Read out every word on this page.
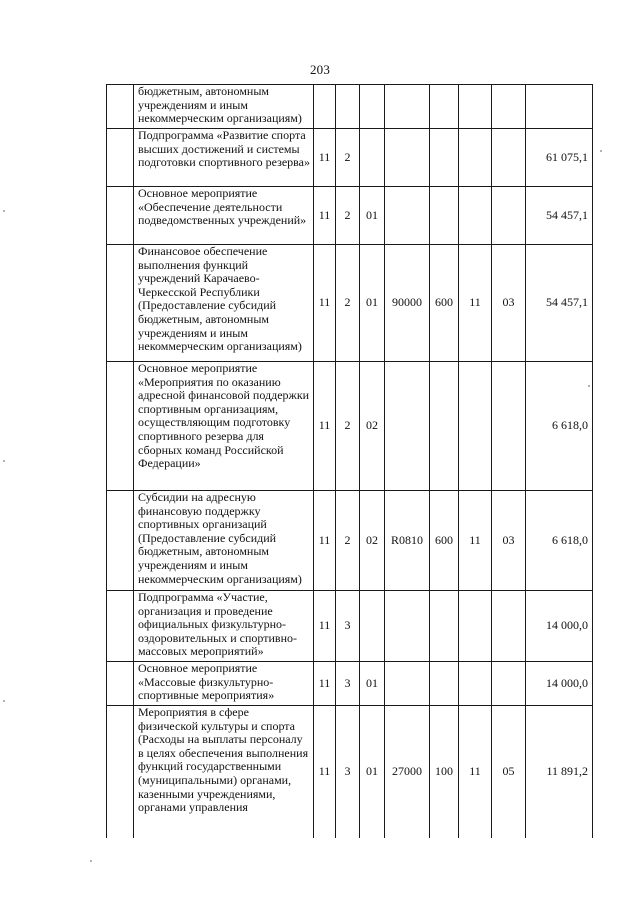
203
	бюджетным, автономным учреждениям и иным некоммерческим организациям)								
	Подпрограмма «Развитие спорта высших достижений и системы подготовки спортивного резерва»	11	2						61 075,1
	Основное мероприятие «Обеспечение деятельности подведомственных учреждений»	11	2	01					54 457,1
	Финансовое обеспечение выполнения функций учреждений Карачаево-Черкесской Республики (Предоставление субсидий бюджетным, автономным учреждениям и иным некоммерческим организациям)	11	2	01	90000	600	11	03	54 457,1
	Основное мероприятие «Мероприятия по оказанию адресной финансовой поддержки спортивным организациям, осуществляющим подготовку спортивного резерва для сборных команд Российской Федерации»	11	2	02					6 618,0
	Субсидии на адресную финансовую поддержку спортивных организаций (Предоставление субсидий бюджетным, автономным учреждениям и иным некоммерческим организациям)	11	2	02	R0810	600	11	03	6 618,0
	Подпрограмма «Участие, организация и проведение официальных физкультурно-оздоровительных и спортивно-массовых мероприятий»	11	3						14 000,0
	Основное мероприятие «Массовые физкультурно-спортивные мероприятия»	11	3	01					14 000,0
	Мероприятия в сфере физической культуры и спорта (Расходы на выплаты персоналу в целях обеспечения выполнения функций государственными (муниципальными) органами, казенными учреждениями, органами управления	11	3	01	27000	100	11	05	11 891,2
